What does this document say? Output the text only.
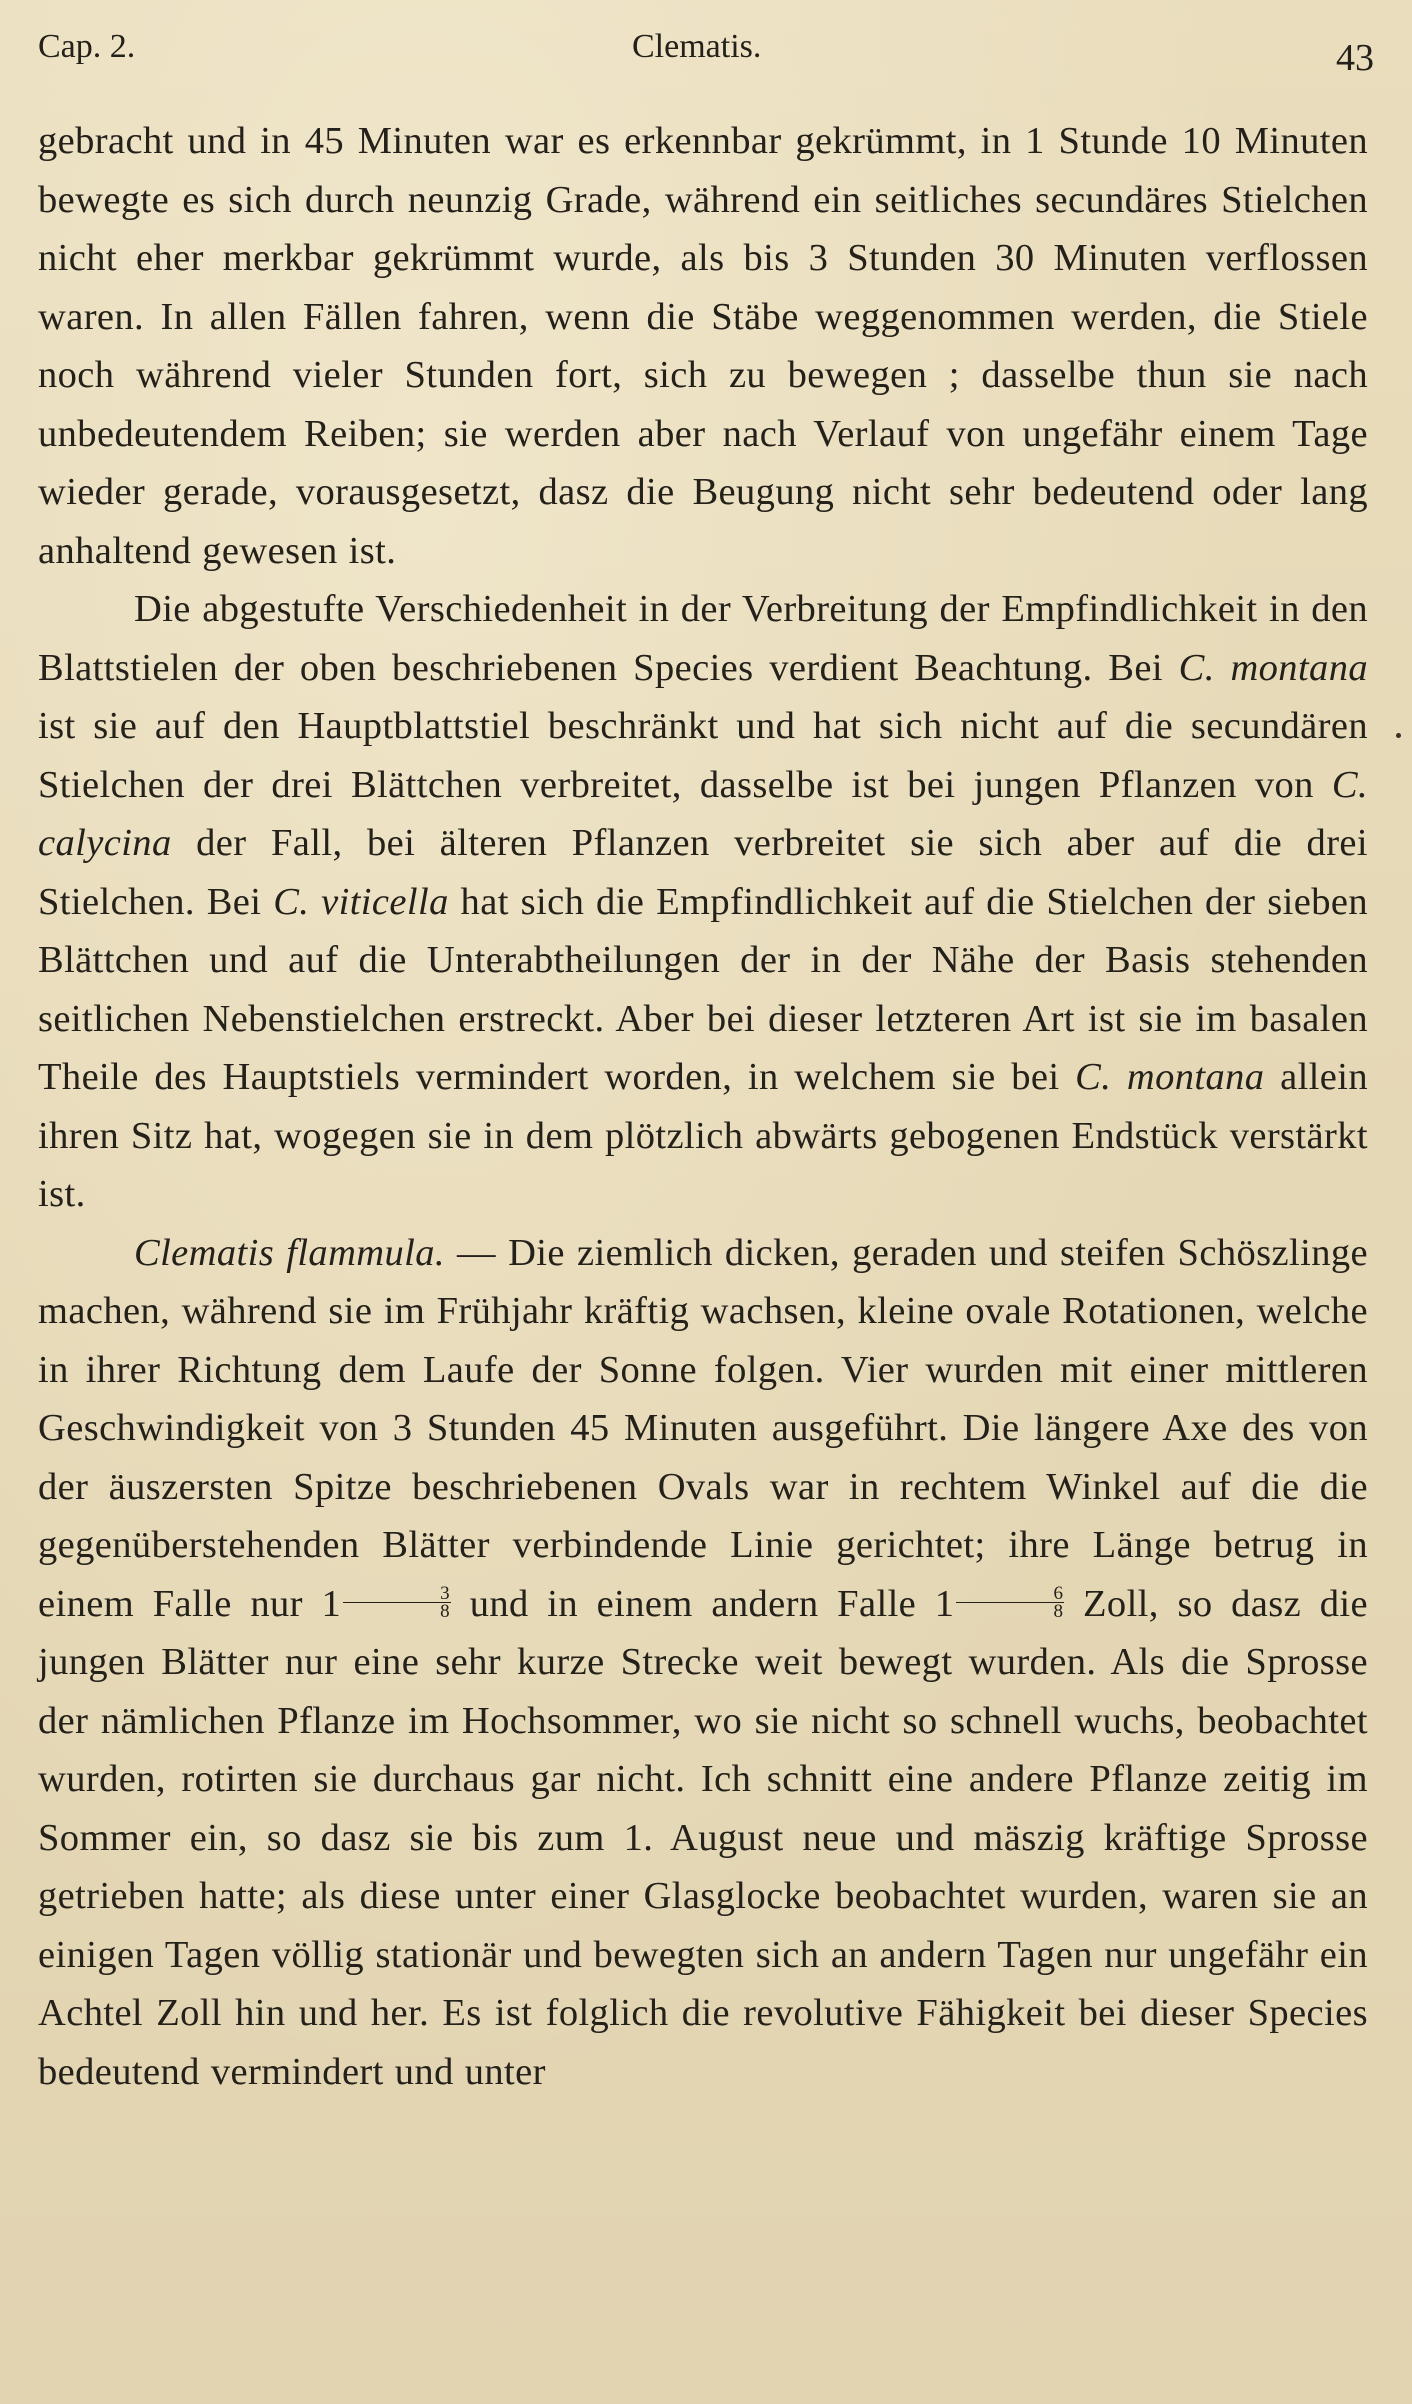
Cap. 2.	Clematis.	43

gebracht und in 45 Minuten war es erkennbar gekrümmt, in 1 Stunde 10 Minuten bewegte es sich durch neunzig Grade, während ein seitliches secundäres Stielchen nicht eher merkbar gekrümmt wurde, als bis 3 Stunden 30 Minuten verflossen waren. In allen Fällen fahren, wenn die Stäbe weggenommen werden, die Stiele noch während vieler Stunden fort, sich zu bewegen ; dasselbe thun sie nach unbedeutendem Reiben; sie werden aber nach Verlauf von ungefähr einem Tage wieder gerade, vorausgesetzt, dasz die Beugung nicht sehr bedeutend oder lang anhaltend gewesen ist.

Die abgestufte Verschiedenheit in der Verbreitung der Empfindlichkeit in den Blattstielen der oben beschriebenen Species verdient Beachtung. Bei C. montana ist sie auf den Hauptblattstiel beschränkt und hat sich nicht auf die secundären Stielchen der drei Blättchen verbreitet, dasselbe ist bei jungen Pflanzen von C. calycina der Fall, bei älteren Pflanzen verbreitet sie sich aber auf die drei Stielchen. Bei C. viticella hat sich die Empfindlichkeit auf die Stielchen der sieben Blättchen und auf die Unterabtheilungen der in der Nähe der Basis stehenden seitlichen Nebenstielchen erstreckt. Aber bei dieser letzteren Art ist sie im basalen Theile des Hauptstiels vermindert worden, in welchem sie bei C. montana allein ihren Sitz hat, wogegen sie in dem plötzlich abwärts gebogenen Endstück verstärkt ist.

Clematis flammula. — Die ziemlich dicken, geraden und steifen Schöszlinge machen, während sie im Frühjahr kräftig wachsen, kleine ovale Rotationen, welche in ihrer Richtung dem Laufe der Sonne folgen. Vier wurden mit einer mittleren Geschwindigkeit von 3 Stunden 45 Minuten ausgeführt. Die längere Axe des von der äuszersten Spitze beschriebenen Ovals war in rechtem Winkel auf die die gegenüberstehenden Blätter verbindende Linie gerichtet; ihre Länge betrug in einem Falle nur $1 \frac{3}{8}$ und in einem andern Falle $1 \frac{6}{8}$ Zoll, so dasz die jungen Blätter nur eine sehr kurze Strecke weit bewegt wurden. Als die Sprosse der nämlichen Pflanze im Hochsommer, wo sie nicht so schnell wuchs, beobachtet wurden, rotirten sie durchaus gar nicht. Ich schnitt eine andere Pflanze zeitig im Sommer ein, so dasz sie bis zum 1. August neue und mäszig kräftige Sprosse getrieben hatte; als diese unter einer Glasglocke beobachtet wurden, waren sie an einigen Tagen völlig stationär und bewegten sich an andern Tagen nur ungefähr ein Achtel Zoll hin und her. Es ist folglich die revolutive Fähigkeit bei dieser Species bedeutend vermindert und unter
